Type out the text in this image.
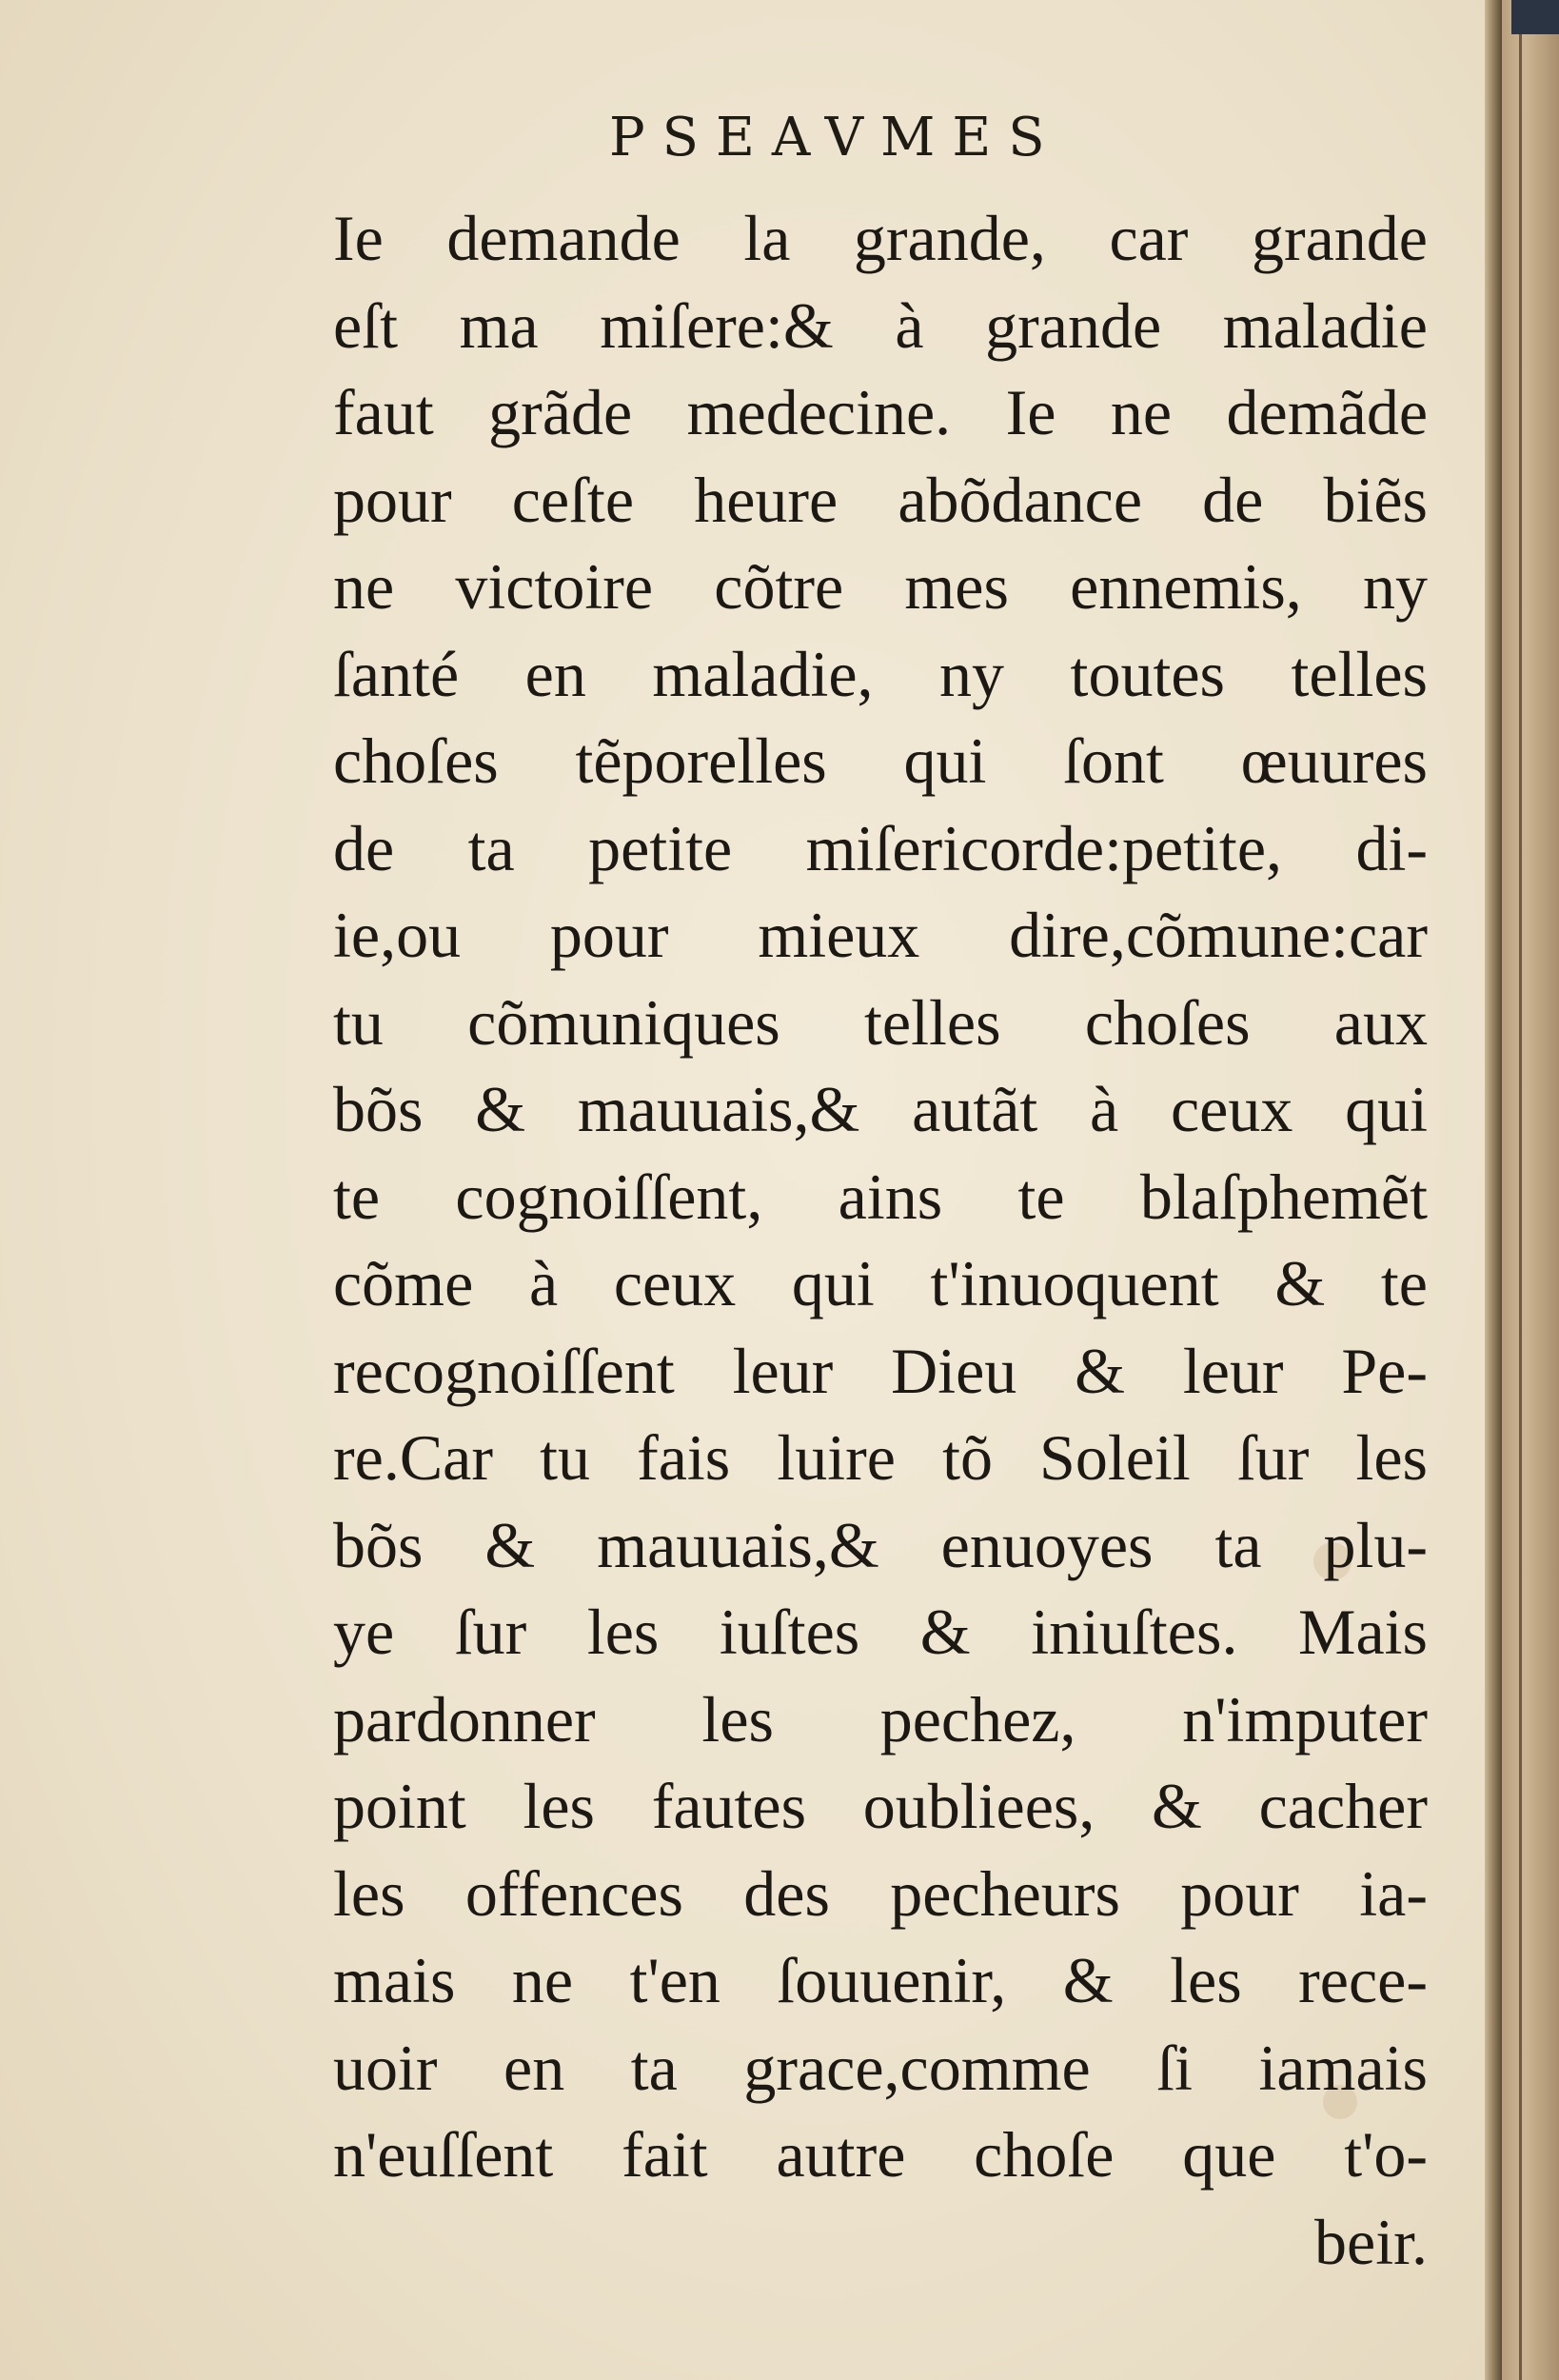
PSEAVMES
Ie demande la grande, car grande
eſt ma miſere:& à grande maladie
faut grãde medecine. Ie ne demãde
pour ceſte heure abõdance de biẽs
ne victoire cõtre mes ennemis, ny
ſanté en maladie, ny toutes telles
choſes tẽporelles qui ſont œuures
de ta petite miſericorde:petite, di-
ie,ou pour mieux dire,cõmune:car
tu cõmuniques telles choſes aux
bõs & mauuais,& autãt à ceux qui
te cognoiſſent, ains te blaſphemẽt
cõme à ceux qui t'inuoquent & te
recognoiſſent leur Dieu & leur Pe-
re.Car tu fais luire tõ Soleil ſur les
bõs & mauuais,& enuoyes ta plu-
ye ſur les iuſtes & iniuſtes. Mais
pardonner les pechez, n'imputer
point les fautes oubliees, & cacher
les offences des pecheurs pour ia-
mais ne t'en ſouuenir, & les rece-
uoir en ta grace,comme ſi iamais
n'euſſent fait autre choſe que t'o-
beir.
